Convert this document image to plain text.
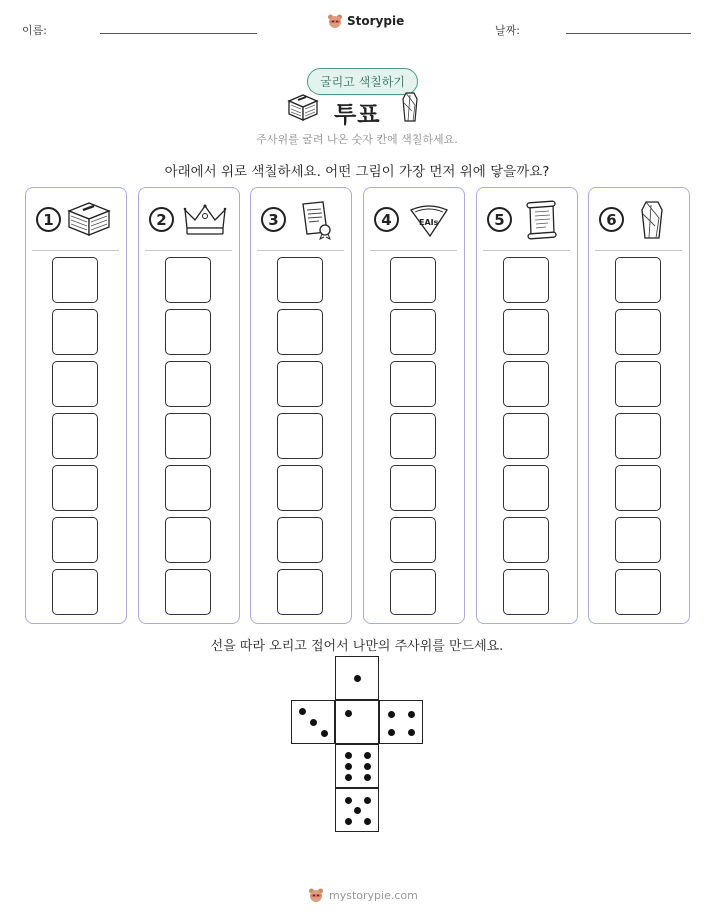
이름:
Storypie
날짜:
굴리고 색칠하기
투표
주사위를 굴려 나온 숫자 칸에 색칠하세요.
아래에서 위로 색칠하세요. 어떤 그림이 가장 먼저 위에 닿을까요?
1	2	3	4	EAIs	5	6
선을 따라 오리고 접어서 나만의 주사위를 만드세요.
mystorypie.com
